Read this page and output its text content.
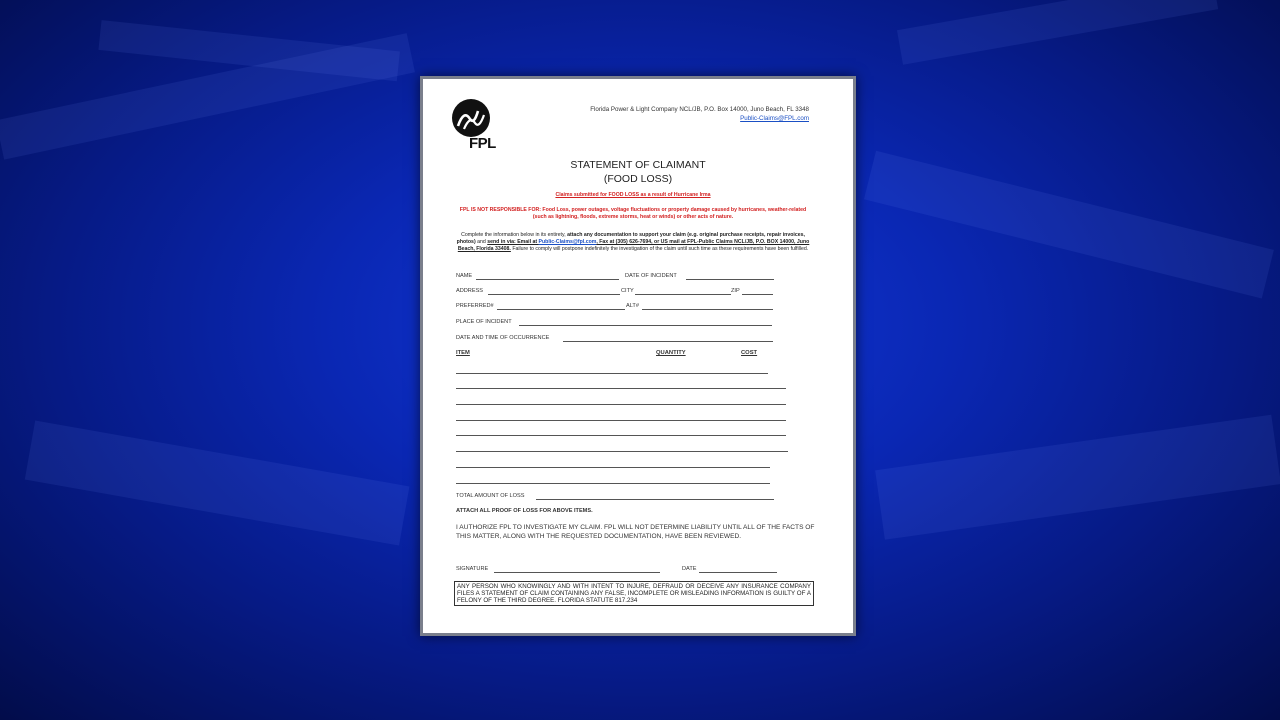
FPL
Florida Power & Light Company NCL/JB, P.O. Box 14000, Juno Beach, FL 3348
Public-Claims@FPL.com
STATEMENT OF CLAIMANT
(FOOD LOSS)
Claims submitted for FOOD LOSS as a result of Hurricane Irma
FPL IS NOT RESPONSIBLE FOR: Food Loss, power outages, voltage fluctuations or property damage caused by hurricanes, weather-related (such as lightning, floods, extreme storms, heat or winds) or other acts of nature.
Complete the information below in its entirety, attach any documentation to support your claim (e.g. original purchase receipts, repair invoices, photos) and send in via: Email at Public-Claims@fpl.com, Fax at (305) 626-7694, or US mail at FPL-Public Claims NCL/JB, P.O. BOX 14000, Juno Beach, Florida 33408. Failure to comply will postpone indefinitely the investigation of the claim until such time as these requirements have been fulfilled.
NAME	DATE OF INCIDENT
ADDRESS	CITY	ZIP
PREFERRED#	ALT#
PLACE OF INCIDENT
DATE AND TIME OF OCCURRENCE
ITEM	QUANTITY	COST
TOTAL AMOUNT OF LOSS
ATTACH ALL PROOF OF LOSS FOR ABOVE ITEMS.
I AUTHORIZE FPL TO INVESTIGATE MY CLAIM. FPL WILL NOT DETERMINE LIABILITY UNTIL ALL OF THE FACTS OF THIS MATTER, ALONG WITH THE REQUESTED DOCUMENTATION, HAVE BEEN REVIEWED.
SIGNATURE	DATE
ANY PERSON WHO KNOWINGLY AND WITH INTENT TO INJURE, DEFRAUD OR DECEIVE ANY INSURANCE COMPANY FILES A STATEMENT OF CLAIM CONTAINING ANY FALSE, INCOMPLETE OR MISLEADING INFORMATION IS GUILTY OF A FELONY OF THE THIRD DEGREE. FLORIDA STATUTE 817.234
